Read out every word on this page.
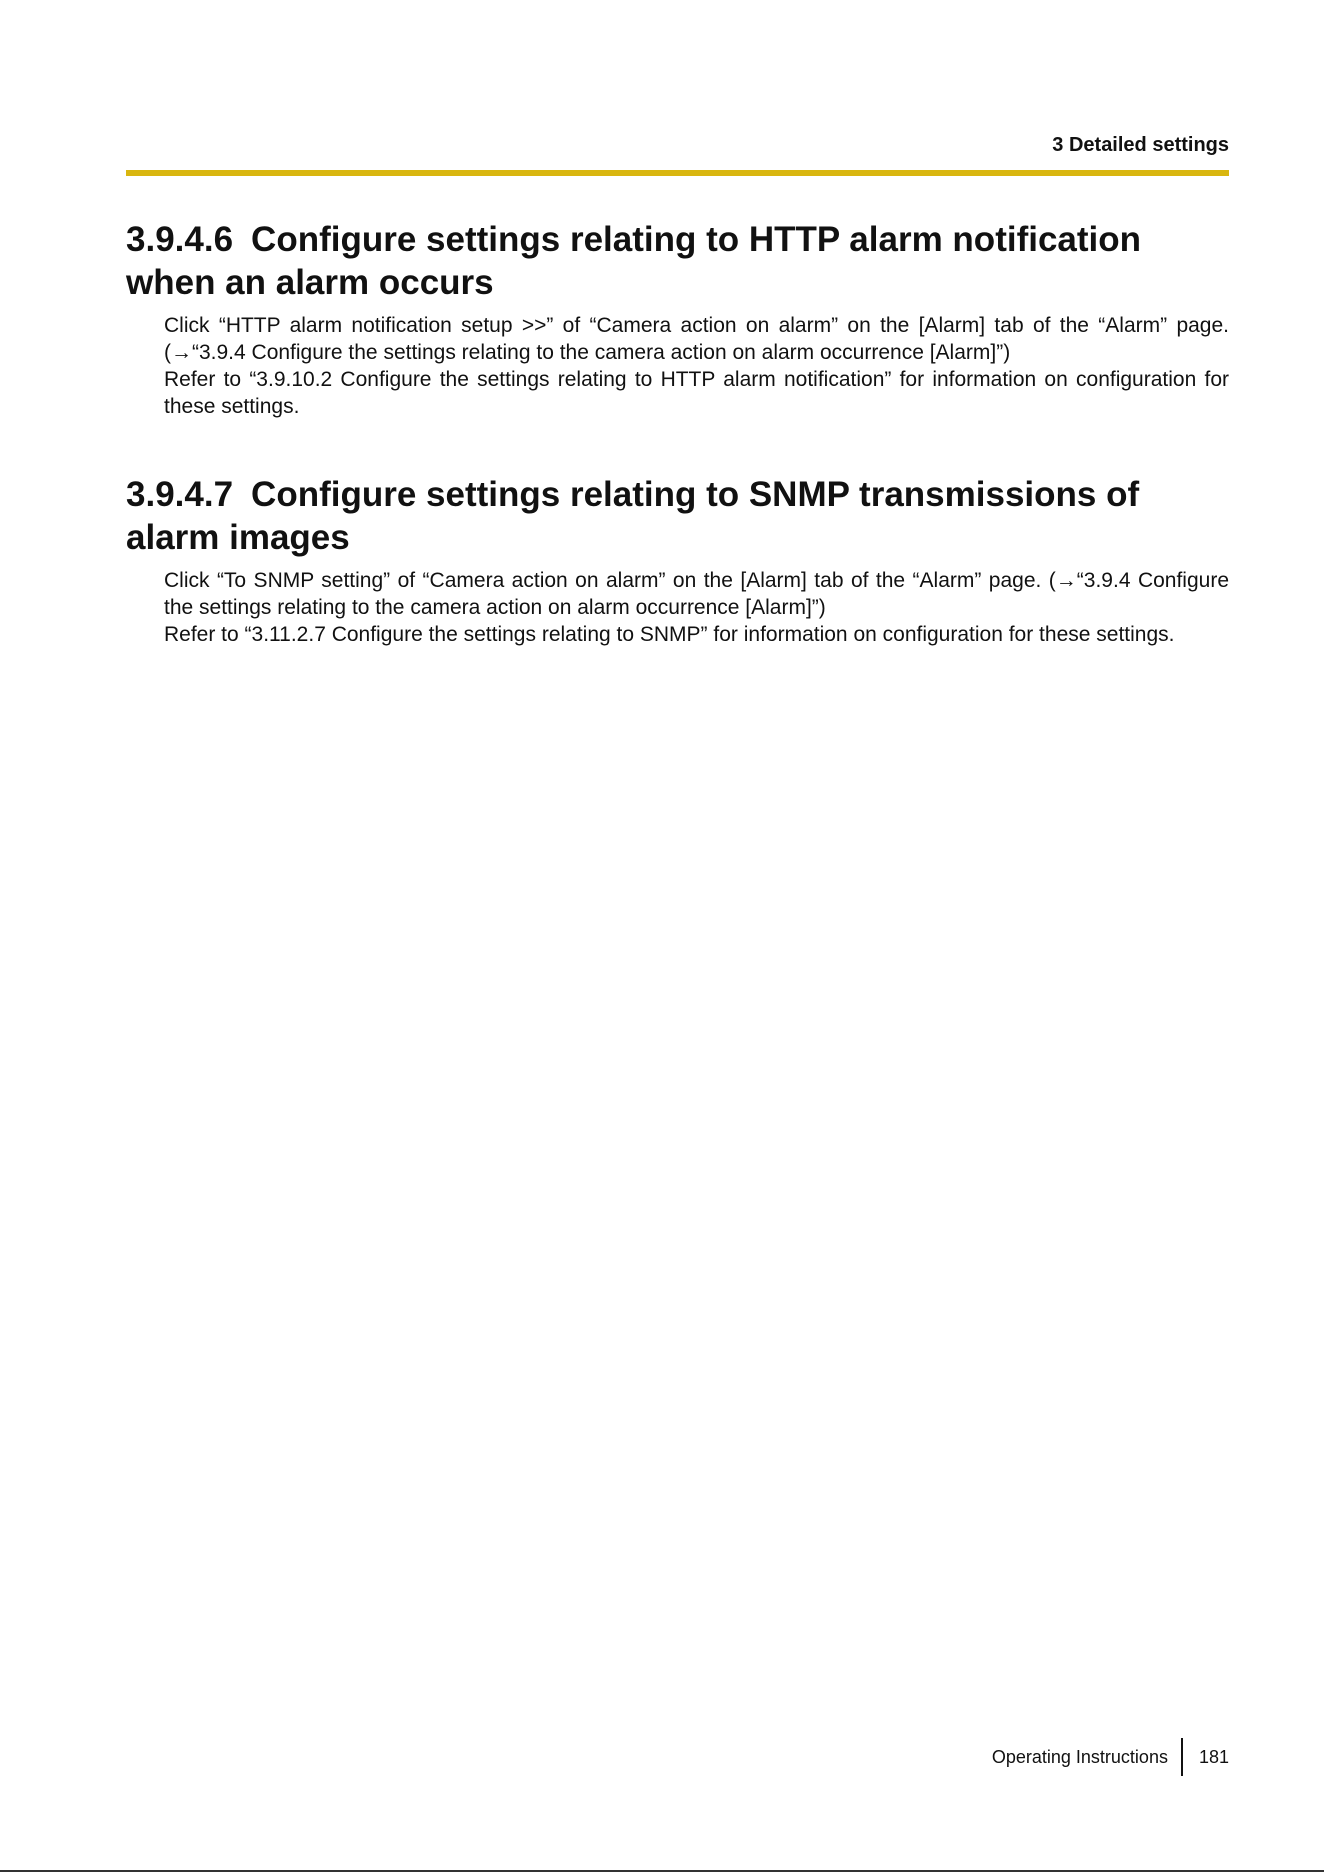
3 Detailed settings
3.9.4.6 Configure settings relating to HTTP alarm notification when an alarm occurs

Click “HTTP alarm notification setup >>” of “Camera action on alarm” on the [Alarm] tab of the “Alarm” page. (→“3.9.4 Configure the settings relating to the camera action on alarm occurrence [Alarm]”)

Refer to “3.9.10.2 Configure the settings relating to HTTP alarm notification” for information on configuration for these settings.

3.9.4.7 Configure settings relating to SNMP transmissions of alarm images

Click “To SNMP setting” of “Camera action on alarm” on the [Alarm] tab of the “Alarm” page. (→“3.9.4 Configure the settings relating to the camera action on alarm occurrence [Alarm]”)

Refer to “3.11.2.7 Configure the settings relating to SNMP” for information on configuration for these settings.

Operating Instructions 181
